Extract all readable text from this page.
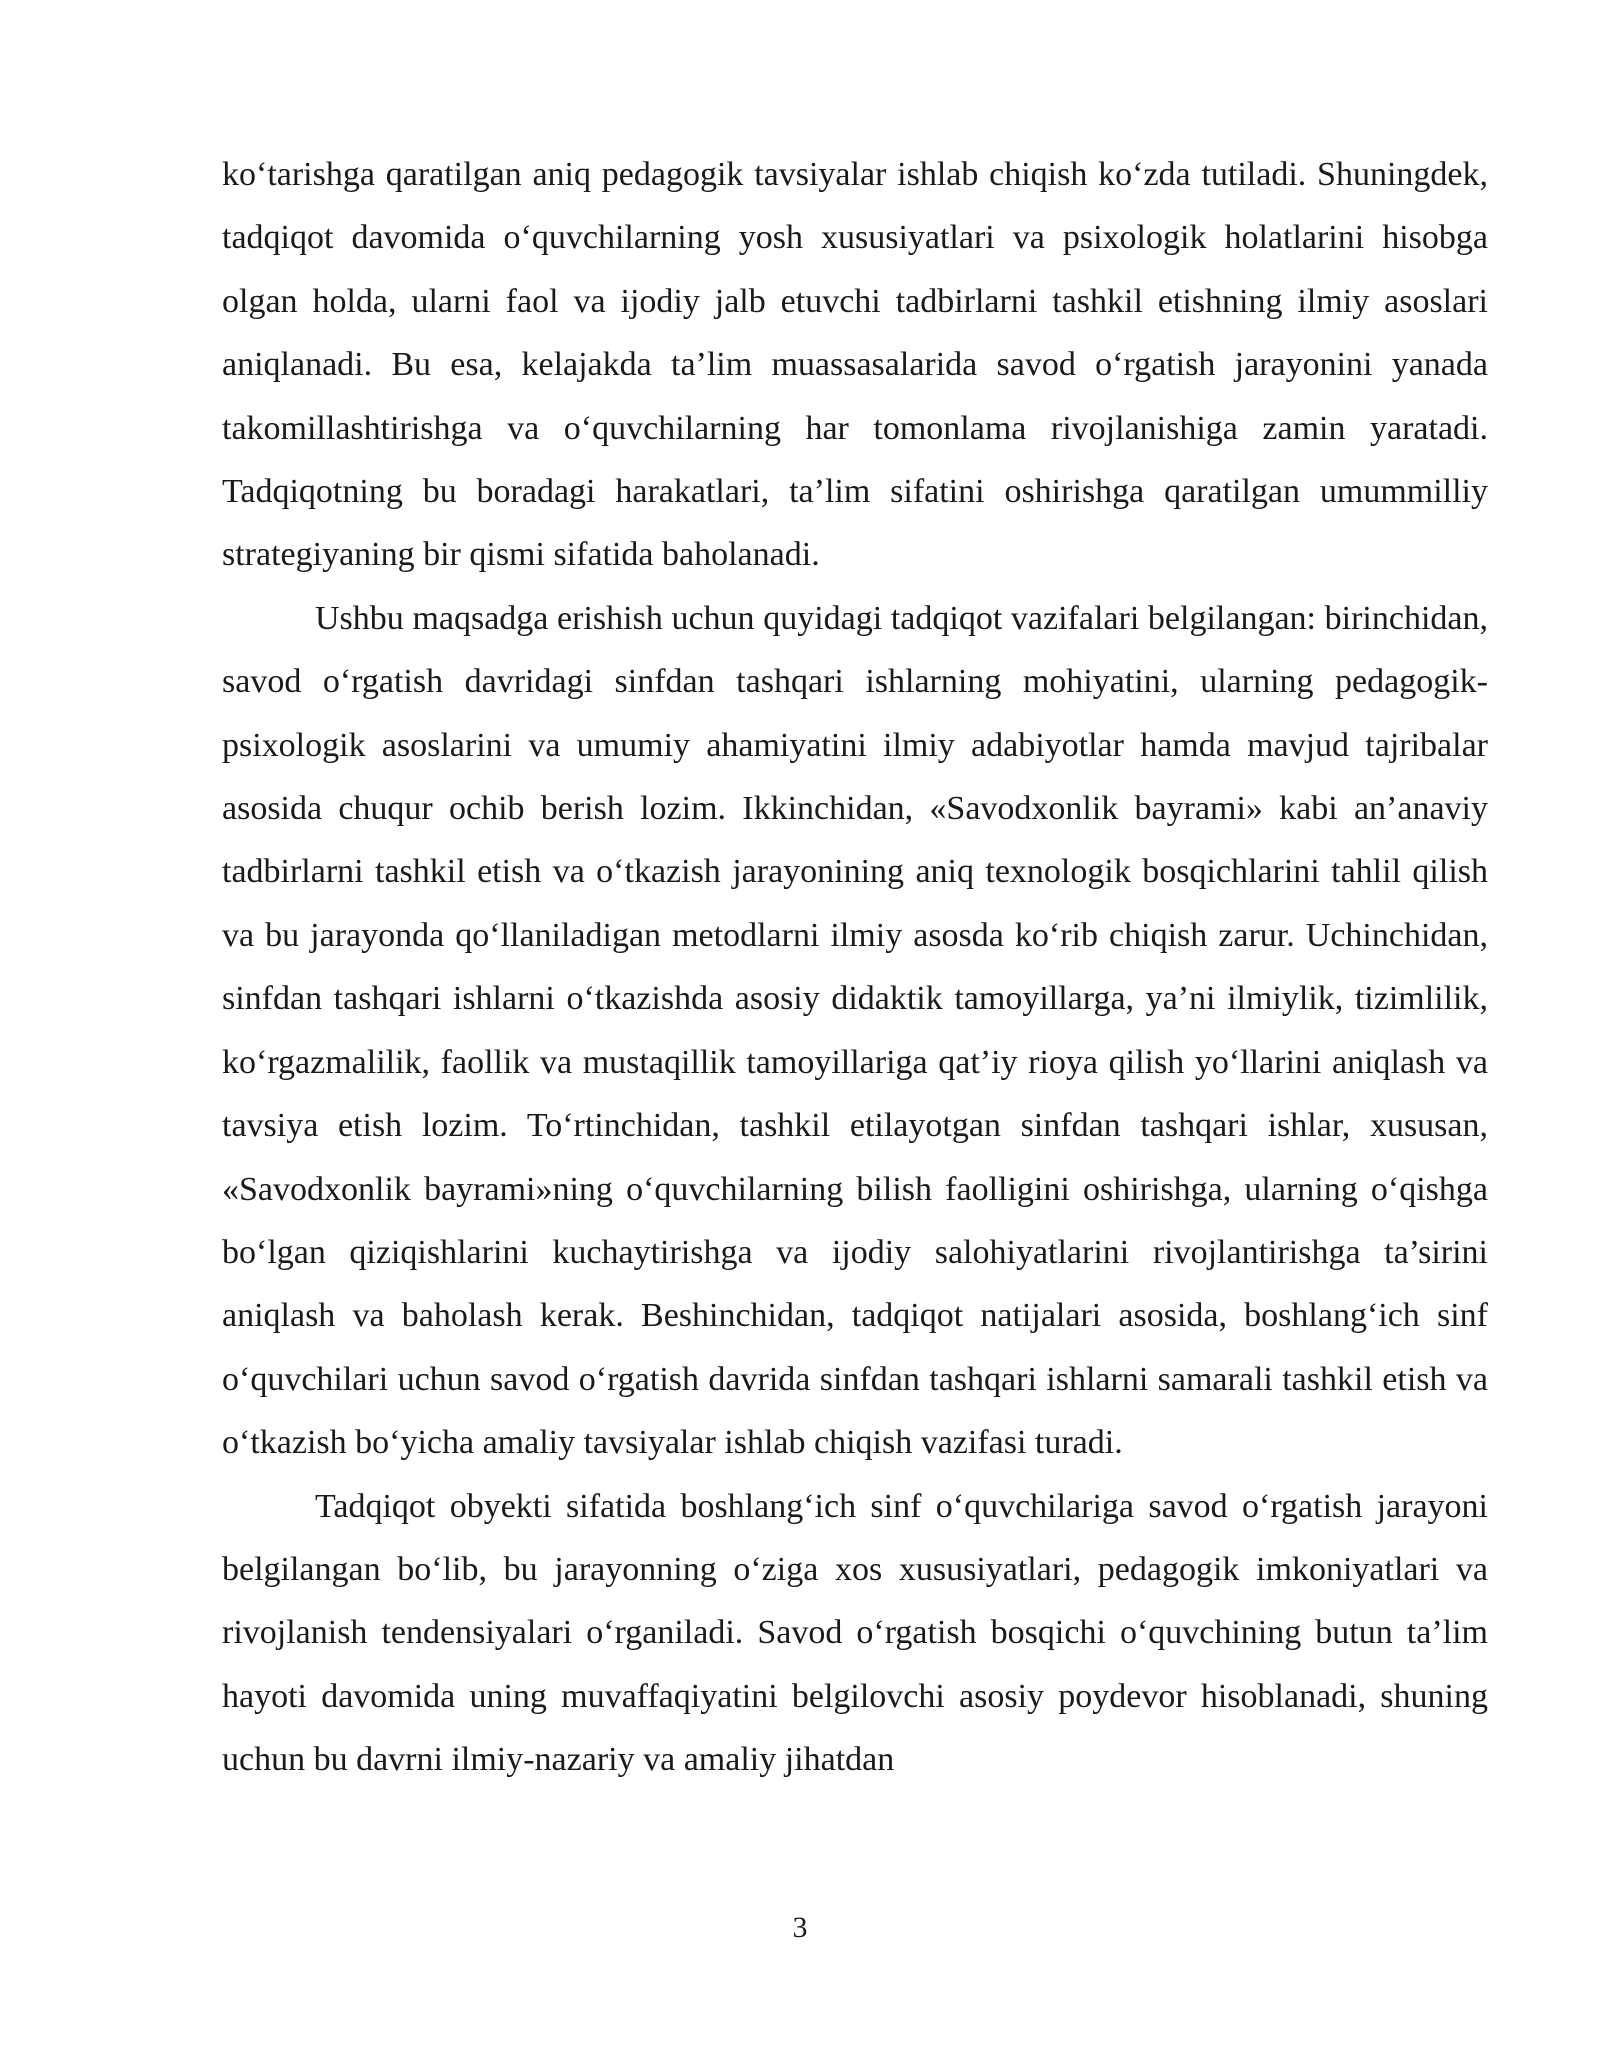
ko‘tarishga qaratilgan aniq pedagogik tavsiyalar ishlab chiqish ko‘zda tutiladi. Shuningdek, tadqiqot davomida o‘quvchilarning yosh xususiyatlari va psixologik holatlarini hisobga olgan holda, ularni faol va ijodiy jalb etuvchi tadbirlarni tashkil etishning ilmiy asoslari aniqlanadi. Bu esa, kelajakda ta’lim muassasalarida savod o‘rgatish jarayonini yanada takomillashtirishga va o‘quvchilarning har tomonlama rivojlanishiga zamin yaratadi. Tadqiqotning bu boradagi harakatlari, ta’lim sifatini oshirishga qaratilgan umummilliy strategiyaning bir qismi sifatida baholanadi.

Ushbu maqsadga erishish uchun quyidagi tadqiqot vazifalari belgilangan: birinchidan, savod o‘rgatish davridagi sinfdan tashqari ishlarning mohiyatini, ularning pedagogik-psixologik asoslarini va umumiy ahamiyatini ilmiy adabiyotlar hamda mavjud tajribalar asosida chuqur ochib berish lozim. Ikkinchidan, «Savodxonlik bayrami» kabi an’anaviy tadbirlarni tashkil etish va o‘tkazish jarayonining aniq texnologik bosqichlarini tahlil qilish va bu jarayonda qo‘llaniladigan metodlarni ilmiy asosda ko‘rib chiqish zarur. Uchinchidan, sinfdan tashqari ishlarni o‘tkazishda asosiy didaktik tamoyillarga, ya’ni ilmiylik, tizimlilik, ko‘rgazmalilik, faollik va mustaqillik tamoyillariga qat’iy rioya qilish yo‘llarini aniqlash va tavsiya etish lozim. To‘rtinchidan, tashkil etilayotgan sinfdan tashqari ishlar, xususan, «Savodxonlik bayrami»ning o‘quvchilarning bilish faolligini oshirishga, ularning o‘qishga bo‘lgan qiziqishlarini kuchaytirishga va ijodiy salohiyatlarini rivojlantirishga ta’sirini aniqlash va baholash kerak. Beshinchidan, tadqiqot natijalari asosida, boshlang‘ich sinf o‘quvchilari uchun savod o‘rgatish davrida sinfdan tashqari ishlarni samarali tashkil etish va o‘tkazish bo‘yicha amaliy tavsiyalar ishlab chiqish vazifasi turadi.

Tadqiqot obyekti sifatida boshlang‘ich sinf o‘quvchilariga savod o‘rgatish jarayoni belgilangan bo‘lib, bu jarayonning o‘ziga xos xususiyatlari, pedagogik imkoniyatlari va rivojlanish tendensiyalari o‘rganiladi. Savod o‘rgatish bosqichi o‘quvchining butun ta’lim hayoti davomida uning muvaffaqiyatini belgilovchi asosiy poydevor hisoblanadi, shuning uchun bu davrni ilmiy-nazariy va amaliy jihatdan

3
